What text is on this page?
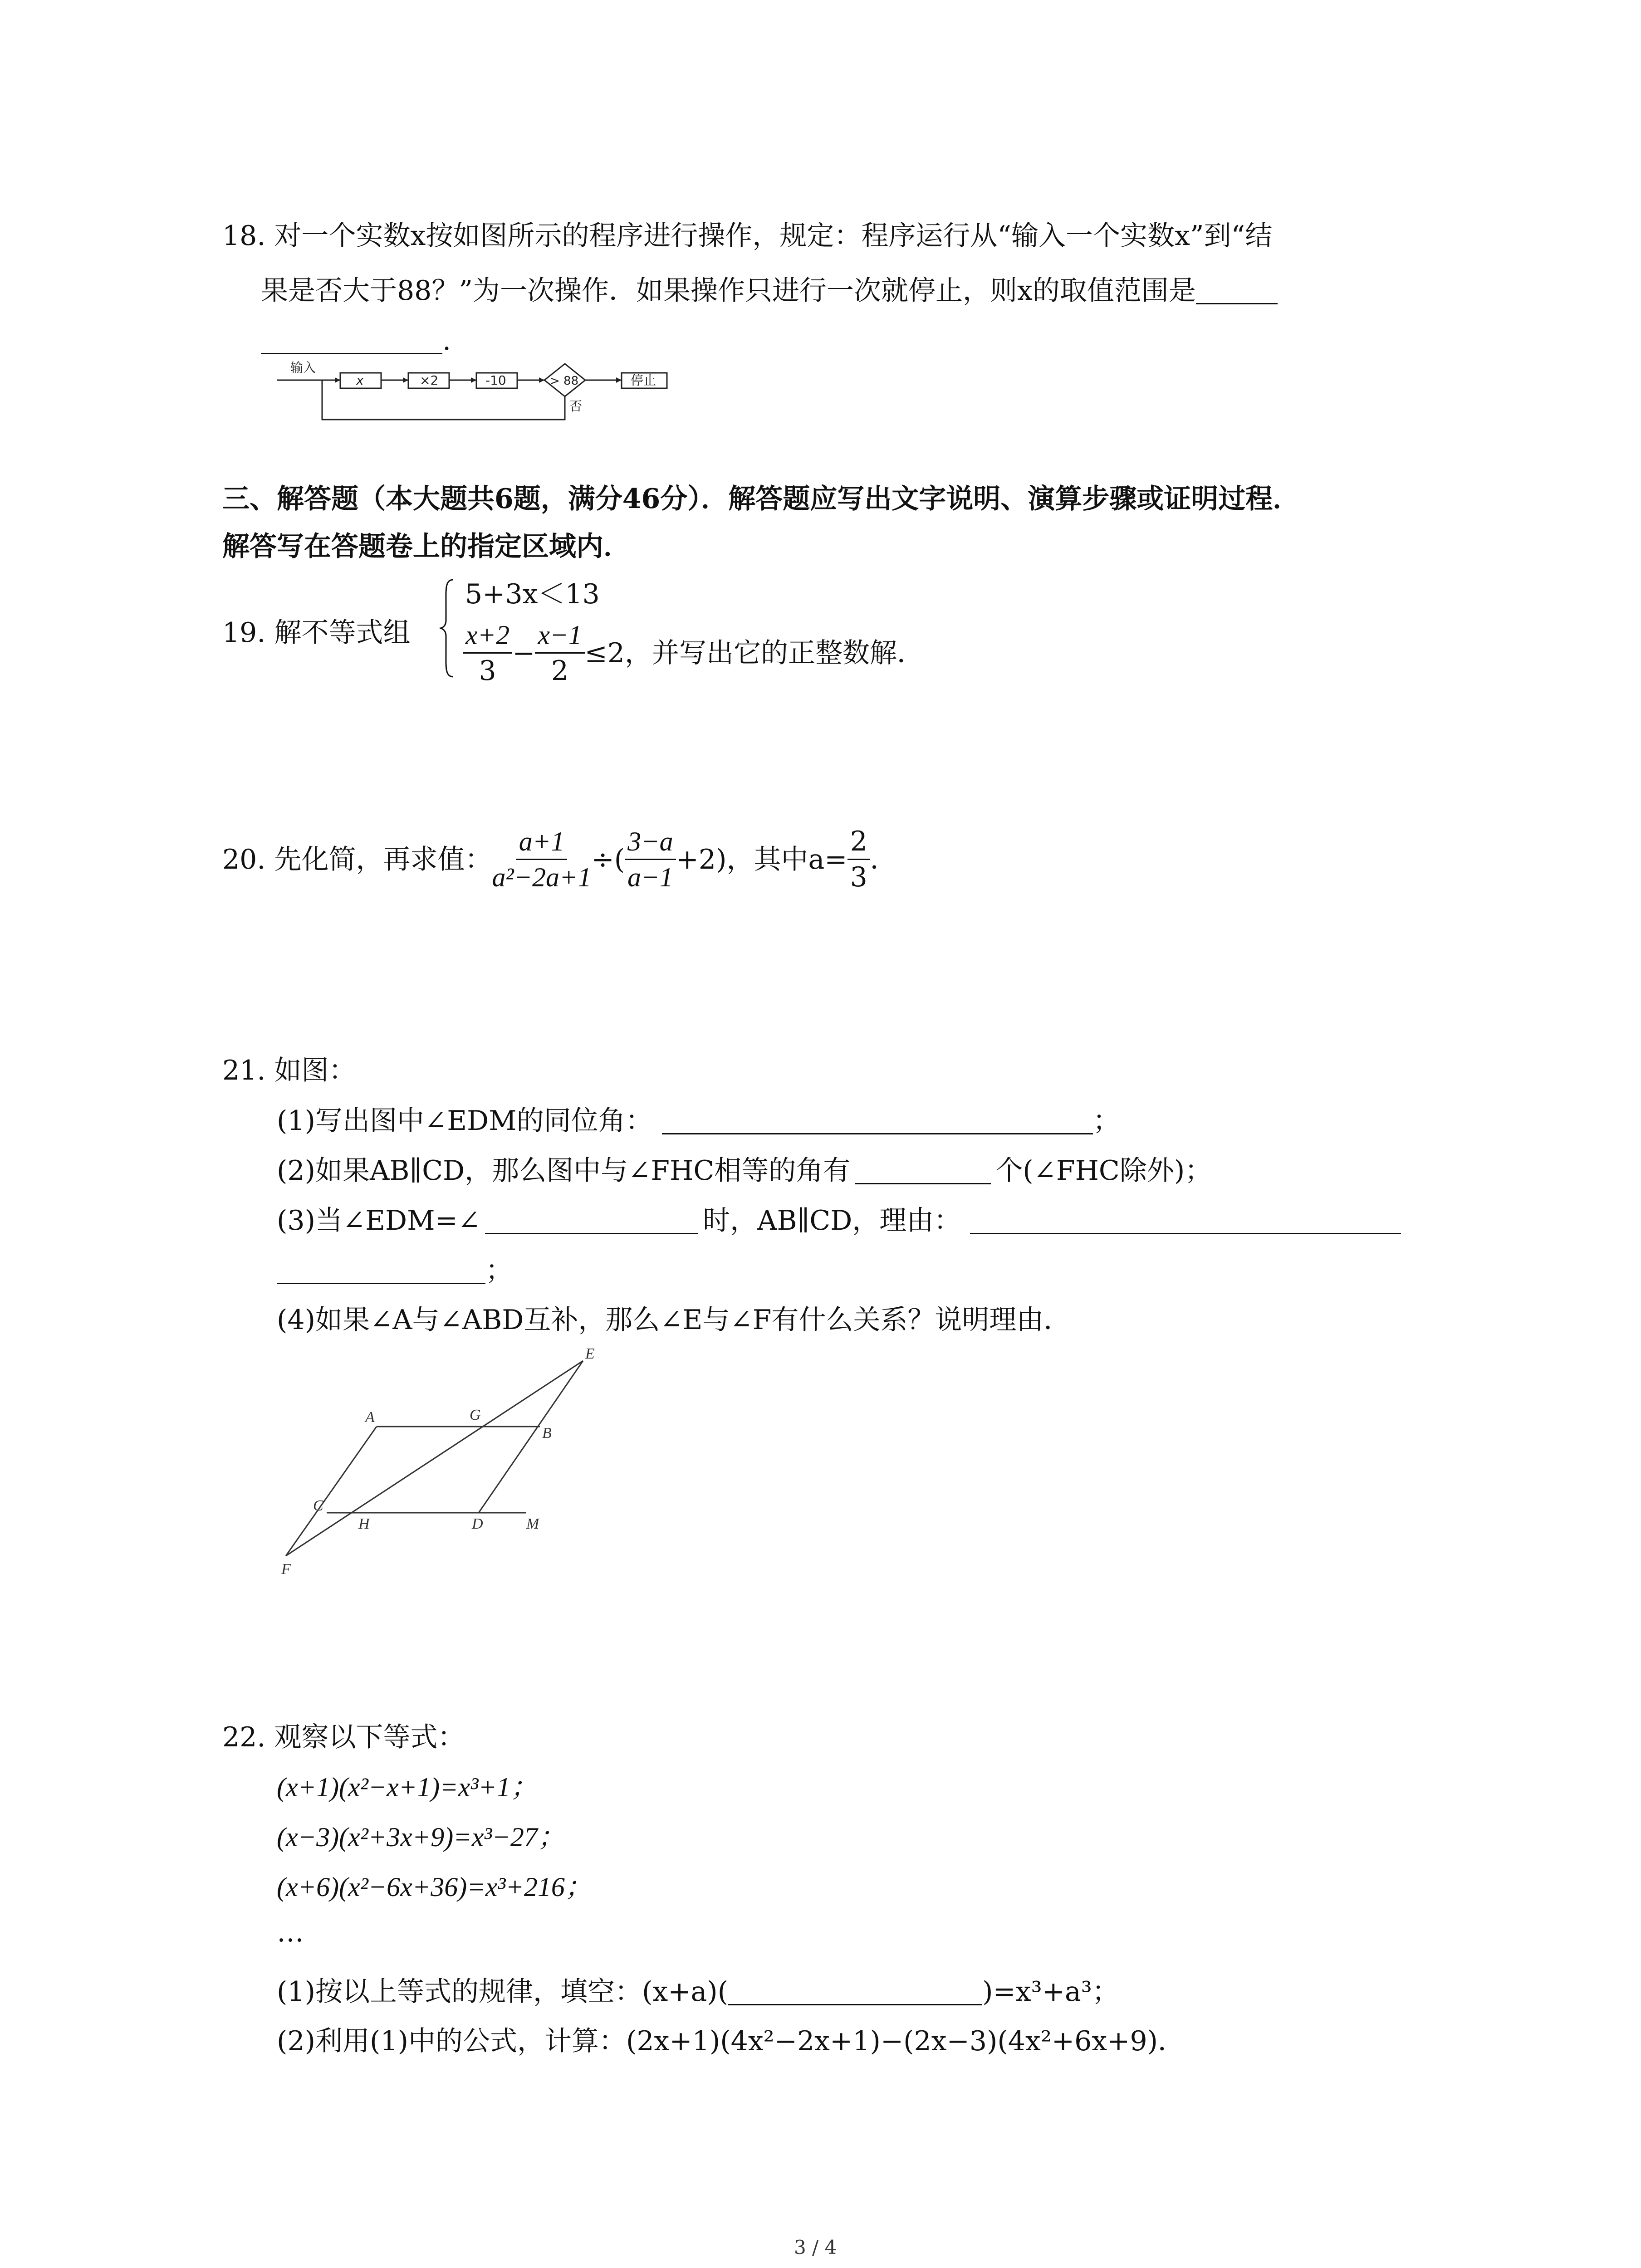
18. 对一个实数x按如图所示的程序进行操作，规定：程序运行从“输入一个实数x”到“结
果是否大于88？”为一次操作．如果操作只进行一次就停止，则x的取值范围是
.
输入
x	×2	-10	> 88	停止
否
三、解答题（本大题共6题，满分46分）．解答题应写出文字说明、演算步骤或证明过程．
解答写在答题卷上的指定区域内．
19. 解不等式组
5+3x＜13
$\frac{x+2}{3} - \frac{x-1}{2} \le 2$ ，并写出它的正整数解．
20. 先化简，再求值： $\frac{a+1}{\text{a²−2a+1}}$ ÷( $\frac{3-a}{a-1} +2$)，其中$a= \frac{2}{3}$ ．
21. 如图：
(1)写出图中∠EDM的同位角：	；
(2)如果AB∥CD，那么图中与∠FHC相等的角有	个(∠FHC除外)；
(3)当∠EDM=∠	时，AB∥CD，理由：
；
(4)如果∠A与∠ABD互补，那么∠E与∠F有什么关系？说明理由．
E
A	G
B
C
H	D	M
F
22. 观察以下等式：
(x+1)(x²−x+1)=x³+1；
(x−3)(x²+3x+9)=x³−27；
(x+6)(x²−6x+36)=x³+216；
…
(1)按以上等式的规律，填空：(x+a)(	)=x³+a³；
(2)利用(1)中的公式，计算：(2x+1)(4x²−2x+1)−(2x−3)(4x²+6x+9)．
3 / 4
